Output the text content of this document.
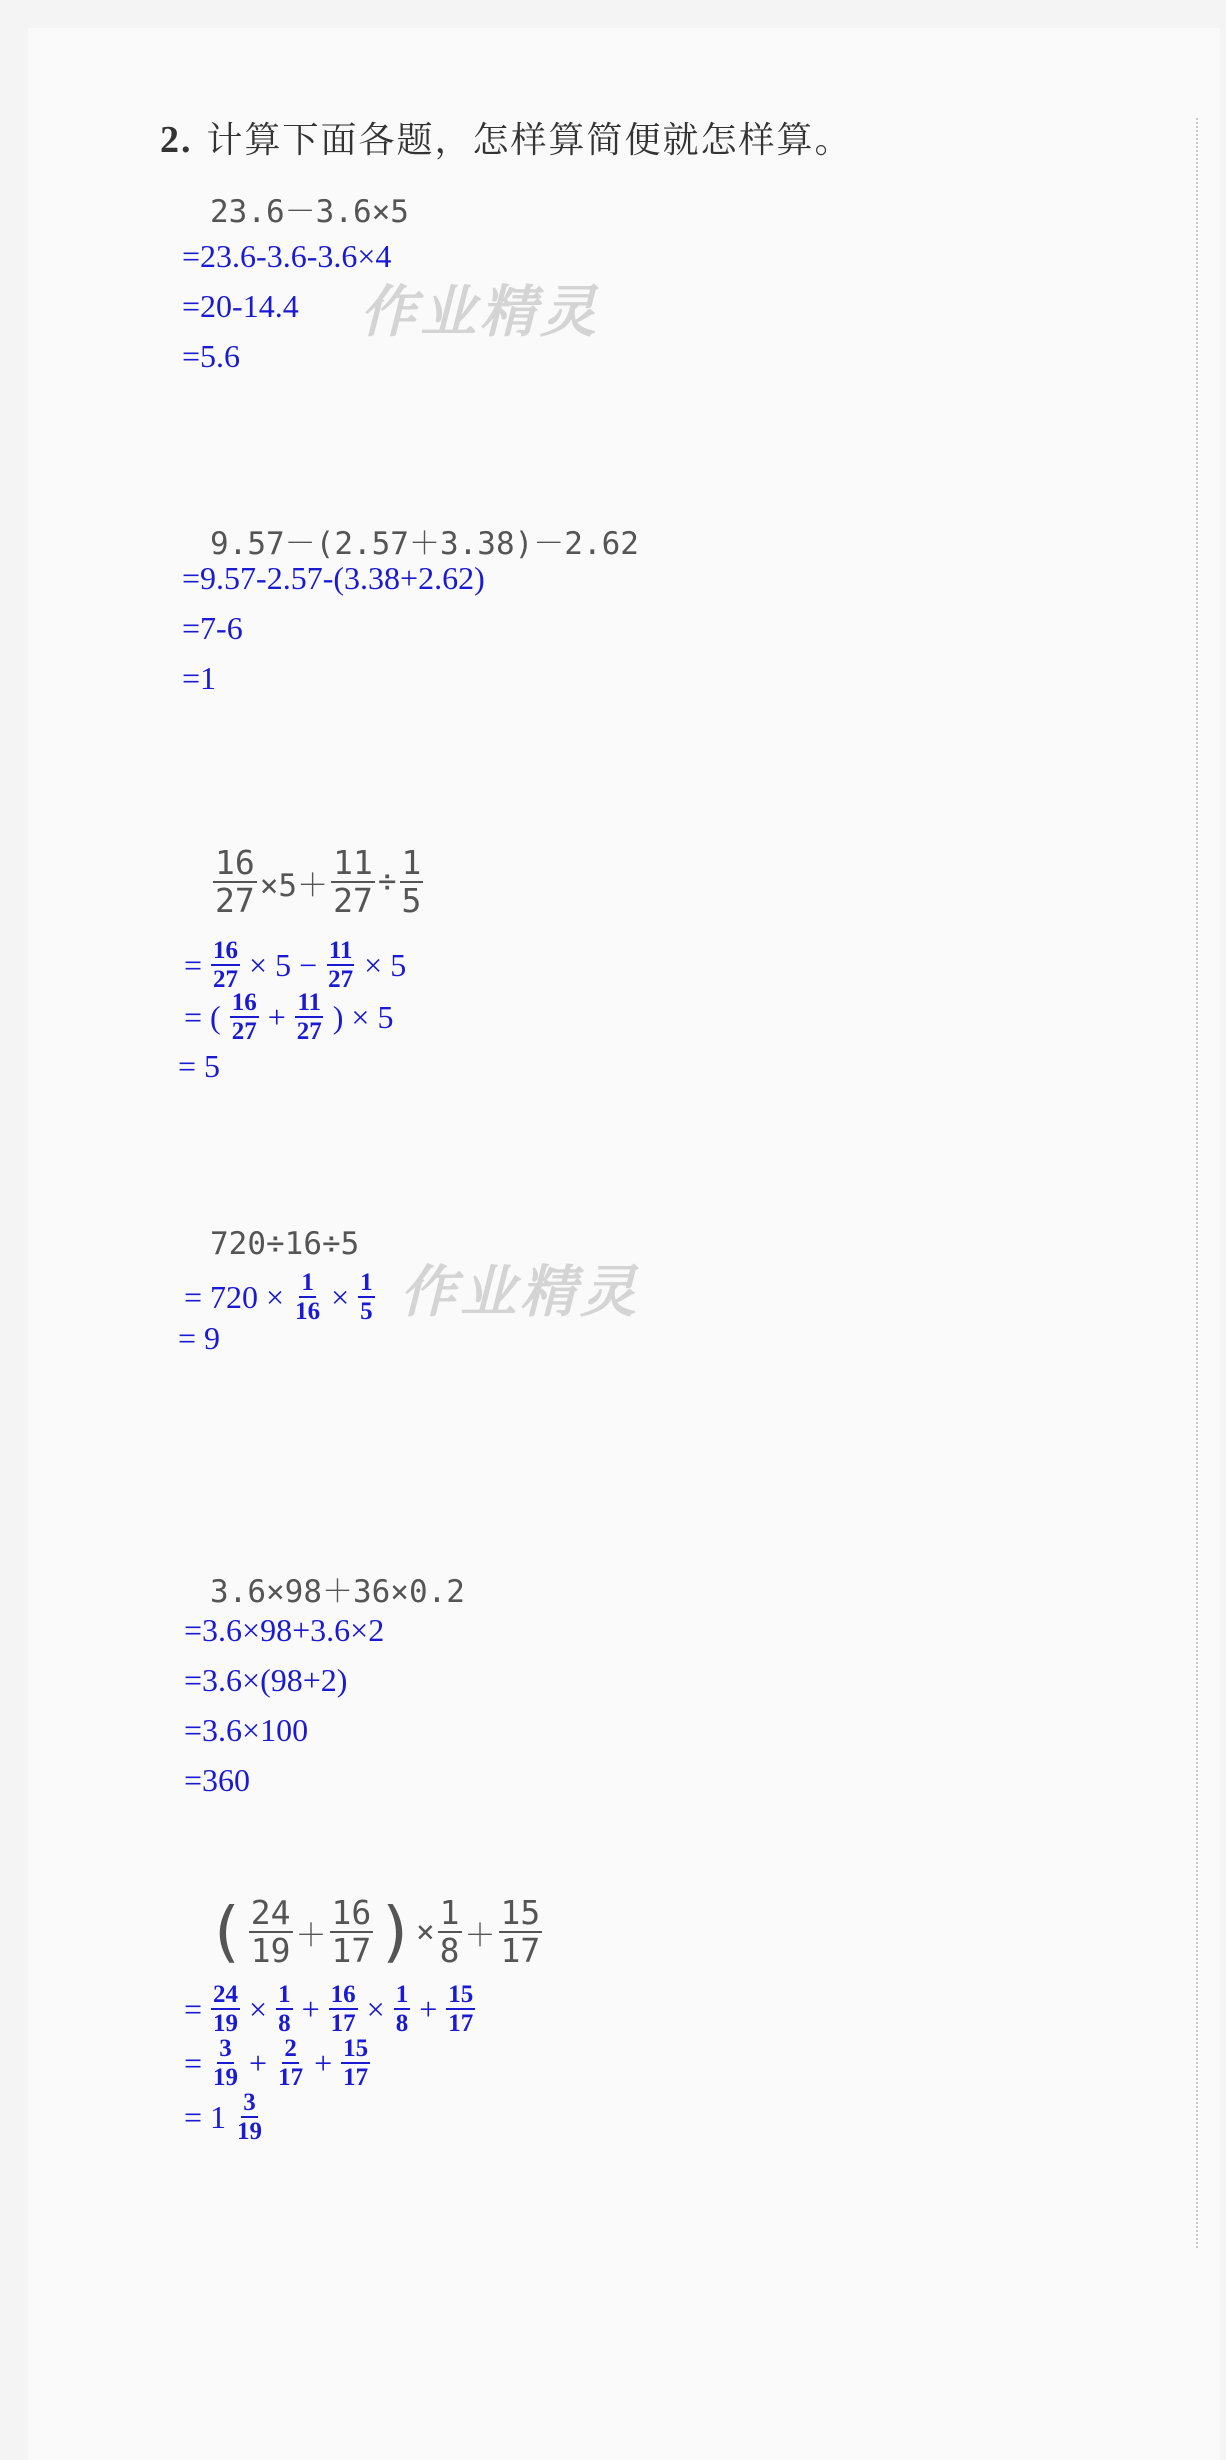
2. 计算下面各题，怎样算简便就怎样算。
作业精灵
作业精灵
23.6－3.6×5
=23.6-3.6-3.6×4
=20-14.4
=5.6
9.57－(2.57＋3.38)－2.62
=9.57-2.57-(3.38+2.62)
=7-6
=1
$\frac{16}{27} \times 5+ \frac{11}{27} \div \frac{1}{5}$
= $\frac{16}{27} \times 5 - \frac{11}{27} \times 5$
= ( $\frac{16}{27} + \frac{11}{27}$ ) × 5
= 5
720÷16÷5
= $720 \times \frac{1}{16} \times \frac{1}{5}$
= 9
3.6×98＋36×0.2
=3.6×98+3.6×2
=3.6×(98+2)
=3.6×100
=360
( $\frac{24}{19} + \frac{16}{17}$ ) × $\frac{1}{8} + \frac{15}{17}$
= $\frac{24}{19} \times \frac{1}{8} + \frac{16}{17} \times \frac{1}{8} + \frac{15}{17}$
= $\frac{3}{19} + \frac{2}{17} + \frac{15}{17}$
= $1 \frac{3}{19}$
